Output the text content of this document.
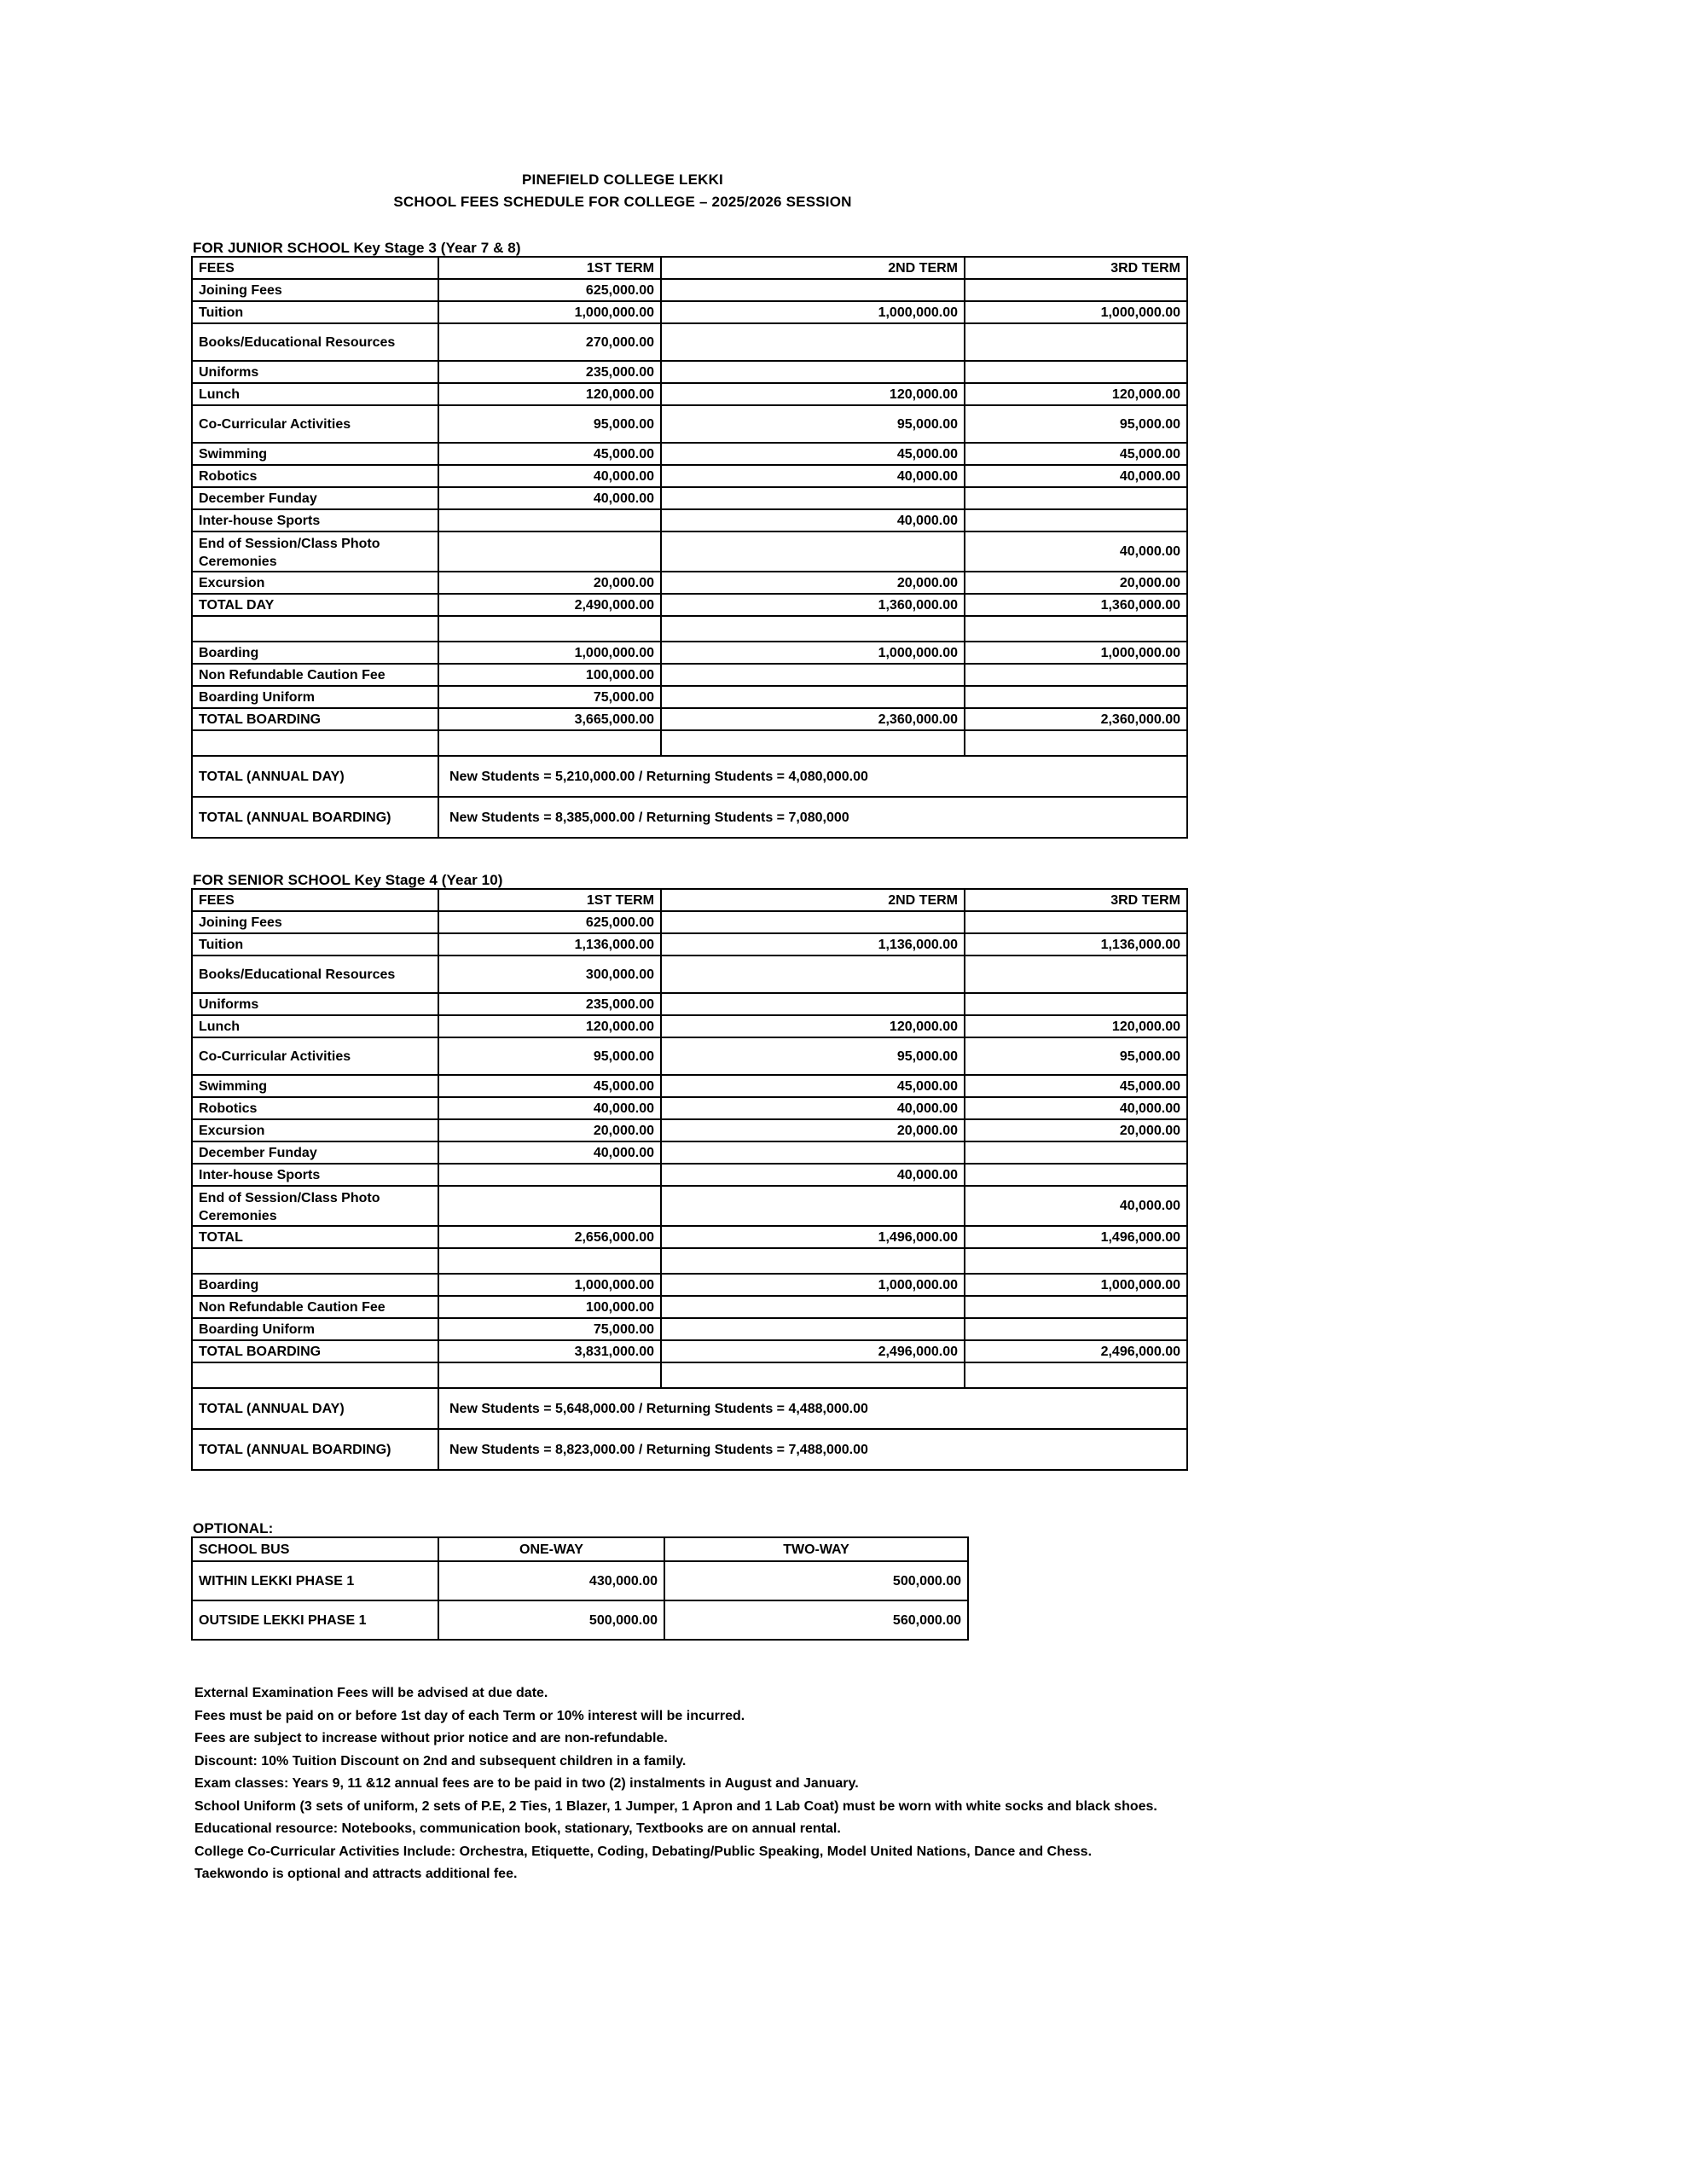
PINEFIELD COLLEGE LEKKI
SCHOOL FEES SCHEDULE FOR COLLEGE – 2025/2026 SESSION
FOR JUNIOR SCHOOL Key Stage 3 (Year 7 & 8)
FEES	1ST TERM	2ND TERM	3RD TERM
Joining Fees	625,000.00		
Tuition	1,000,000.00	1,000,000.00	1,000,000.00
Books/Educational Resources	270,000.00		
Uniforms	235,000.00		
Lunch	120,000.00	120,000.00	120,000.00
Co-Curricular Activities	95,000.00	95,000.00	95,000.00
Swimming	45,000.00	45,000.00	45,000.00
Robotics	40,000.00	40,000.00	40,000.00
December Funday	40,000.00		
Inter-house Sports		40,000.00	
End of Session/Class Photo Ceremonies			40,000.00
Excursion	20,000.00	20,000.00	20,000.00
TOTAL DAY	2,490,000.00	1,360,000.00	1,360,000.00

Boarding	1,000,000.00	1,000,000.00	1,000,000.00
Non Refundable Caution Fee	100,000.00		
Boarding Uniform	75,000.00		
TOTAL BOARDING	3,665,000.00	2,360,000.00	2,360,000.00

TOTAL (ANNUAL DAY)	New Students = 5,210,000.00 / Returning Students = 4,080,000.00		
TOTAL (ANNUAL BOARDING)	New Students = 8,385,000.00 / Returning Students = 7,080,000		
FOR SENIOR SCHOOL Key Stage 4 (Year 10)
FEES	1ST TERM	2ND TERM	3RD TERM
Joining Fees	625,000.00		
Tuition	1,136,000.00	1,136,000.00	1,136,000.00
Books/Educational Resources	300,000.00		
Uniforms	235,000.00		
Lunch	120,000.00	120,000.00	120,000.00
Co-Curricular Activities	95,000.00	95,000.00	95,000.00
Swimming	45,000.00	45,000.00	45,000.00
Robotics	40,000.00	40,000.00	40,000.00
Excursion	20,000.00	20,000.00	20,000.00
December Funday	40,000.00		
Inter-house Sports		40,000.00	
End of Session/Class Photo Ceremonies			40,000.00
TOTAL	2,656,000.00	1,496,000.00	1,496,000.00

Boarding	1,000,000.00	1,000,000.00	1,000,000.00
Non Refundable Caution Fee	100,000.00		
Boarding Uniform	75,000.00		
TOTAL BOARDING	3,831,000.00	2,496,000.00	2,496,000.00

TOTAL (ANNUAL DAY)	New Students = 5,648,000.00 / Returning Students = 4,488,000.00		
TOTAL (ANNUAL BOARDING)	New Students = 8,823,000.00 / Returning Students = 7,488,000.00		
OPTIONAL:
SCHOOL BUS	ONE-WAY	TWO-WAY
WITHIN LEKKI PHASE 1	430,000.00	500,000.00
OUTSIDE LEKKI PHASE 1	500,000.00	560,000.00
External Examination Fees will be advised at due date.
Fees must be paid on or before 1st day of each Term or 10% interest will be incurred.
Fees are subject to increase without prior notice and are non-refundable.
Discount: 10% Tuition Discount on 2nd and subsequent children in a family.
Exam classes: Years 9, 11 &12 annual fees are to be paid in two (2) instalments in August and January.
School Uniform (3 sets of uniform, 2 sets of P.E, 2 Ties, 1 Blazer, 1 Jumper, 1 Apron and 1 Lab Coat) must be worn with white socks and black shoes.
Educational resource: Notebooks, communication book, stationary, Textbooks are on annual rental.
College Co-Curricular Activities Include: Orchestra, Etiquette, Coding, Debating/Public Speaking, Model United Nations, Dance and Chess.
Taekwondo is optional and attracts additional fee.
